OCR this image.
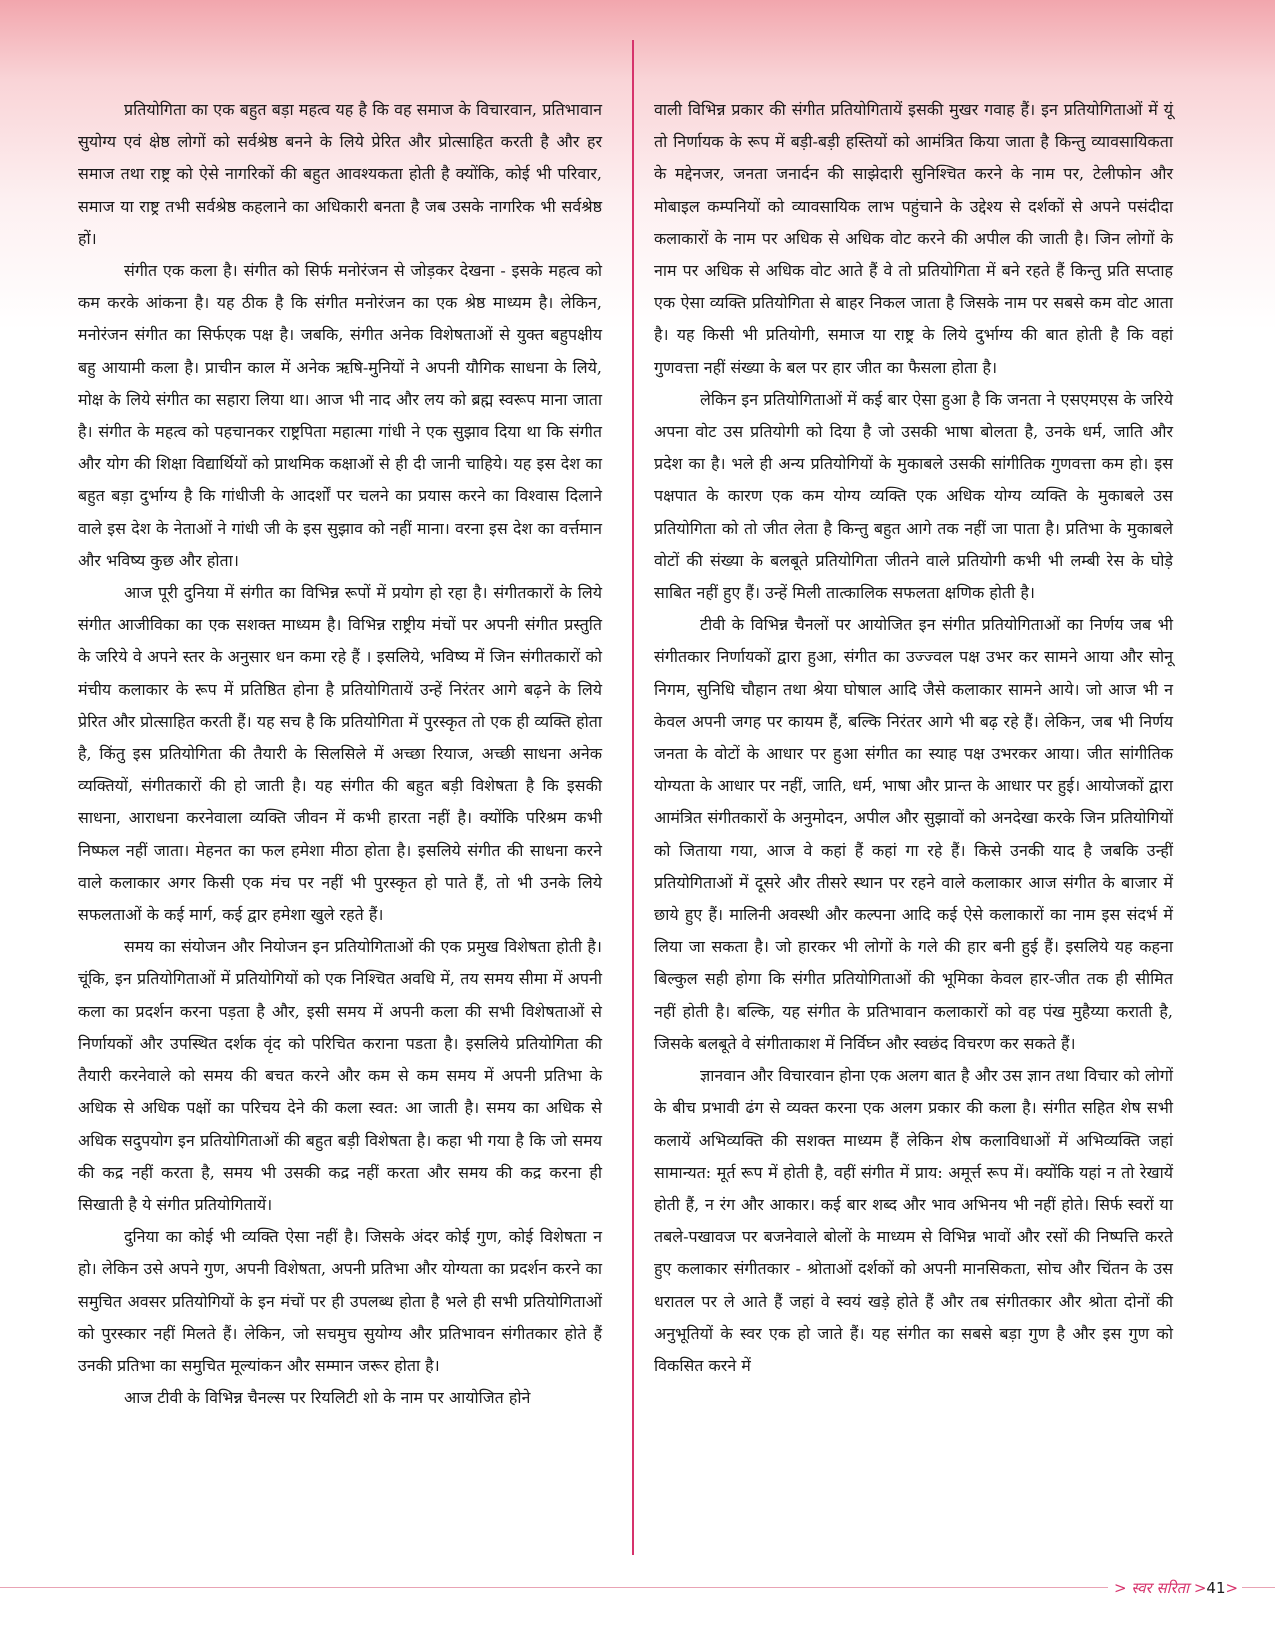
प्रतियोगिता का एक बहुत बड़ा महत्व यह है कि वह समाज के विचारवान, प्रतिभावान सुयोग्य एवं क्षेष्ठ लोगों को सर्वश्रेष्ठ बनने के लिये प्रेरित और प्रोत्साहित करती है और हर समाज तथा राष्ट्र को ऐसे नागरिकों की बहुत आवश्यकता होती है क्योंकि, कोई भी परिवार, समाज या राष्ट्र तभी सर्वश्रेष्ठ कहलाने का अधिकारी बनता है जब उसके नागरिक भी सर्वश्रेष्ठ हों।

संगीत एक कला है। संगीत को सिर्फ मनोरंजन से जोड़कर देखना - इसके महत्व को कम करके आंकना है। यह ठीक है कि संगीत मनोरंजन का एक श्रेष्ठ माध्यम है। लेकिन, मनोरंजन संगीत का सिर्फएक पक्ष है। जबकि, संगीत अनेक विशेषताओं से युक्त बहुपक्षीय बहु आयामी कला है। प्राचीन काल में अनेक ऋषि-मुनियों ने अपनी यौगिक साधना के लिये, मोक्ष के लिये संगीत का सहारा लिया था। आज भी नाद और लय को ब्रह्म स्वरूप माना जाता है। संगीत के महत्व को पहचानकर राष्ट्रपिता महात्मा गांधी ने एक सुझाव दिया था कि संगीत और योग की शिक्षा विद्यार्थियों को प्राथमिक कक्षाओं से ही दी जानी चाहिये। यह इस देश का बहुत बड़ा दुर्भाग्य है कि गांधीजी के आदर्शों पर चलने का प्रयास करने का विश्वास दिलाने वाले इस देश के नेताओं ने गांधी जी के इस सुझाव को नहीं माना। वरना इस देश का वर्त्तमान और भविष्य कुछ और होता।

आज पूरी दुनिया में संगीत का विभिन्न रूपों में प्रयोग हो रहा है। संगीतकारों के लिये संगीत आजीविका का एक सशक्त माध्यम है। विभिन्न राष्ट्रीय मंचों पर अपनी संगीत प्रस्तुति के जरिये वे अपने स्तर के अनुसार धन कमा रहे हैं । इसलिये, भविष्य में जिन संगीतकारों को मंचीय कलाकार के रूप में प्रतिष्ठित होना है प्रतियोगितायें उन्हें निरंतर आगे बढ़ने के लिये प्रेरित और प्रोत्साहित करती हैं। यह सच है कि प्रतियोगिता में पुरस्कृत तो एक ही व्यक्ति होता है, किंतु इस प्रतियोगिता की तैयारी के सिलसिले में अच्छा रियाज, अच्छी साधना अनेक व्यक्तियों, संगीतकारों की हो जाती है। यह संगीत की बहुत बड़ी विशेषता है कि इसकी साधना, आराधना करनेवाला व्यक्ति जीवन में कभी हारता नहीं है। क्योंकि परिश्रम कभी निष्फल नहीं जाता। मेहनत का फल हमेशा मीठा होता है। इसलिये संगीत की साधना करने वाले कलाकार अगर किसी एक मंच पर नहीं भी पुरस्कृत हो पाते हैं, तो भी उनके लिये सफलताओं के कई मार्ग, कई द्वार हमेशा खुले रहते हैं।

समय का संयोजन और नियोजन इन प्रतियोगिताओं की एक प्रमुख विशेषता होती है। चूंकि, इन प्रतियोगिताओं में प्रतियोगियों को एक निश्चित अवधि में, तय समय सीमा में अपनी कला का प्रदर्शन करना पड़ता है और, इसी समय में अपनी कला की सभी विशेषताओं से निर्णायकों और उपस्थित दर्शक वृंद को परिचित कराना पडता है। इसलिये प्रतियोगिता की तैयारी करनेवाले को समय की बचत करने और कम से कम समय में अपनी प्रतिभा के अधिक से अधिक पक्षों का परिचय देने की कला स्वत: आ जाती है। समय का अधिक से अधिक सदुपयोग इन प्रतियोगिताओं की बहुत बड़ी विशेषता है। कहा भी गया है कि जो समय की कद्र नहीं करता है, समय भी उसकी कद्र नहीं करता और समय की कद्र करना ही सिखाती है ये संगीत प्रतियोगितायें।

दुनिया का कोई भी व्यक्ति ऐसा नहीं है। जिसके अंदर कोई गुण, कोई विशेषता न हो। लेकिन उसे अपने गुण, अपनी विशेषता, अपनी प्रतिभा और योग्यता का प्रदर्शन करने का समुचित अवसर प्रतियोगियों के इन मंचों पर ही उपलब्ध होता है भले ही सभी प्रतियोगिताओं को पुरस्कार नहीं मिलते हैं। लेकिन, जो सचमुच सुयोग्य और प्रतिभावन संगीतकार होते हैं उनकी प्रतिभा का समुचित मूल्यांकन और सम्मान जरूर होता है।

आज टीवी के विभिन्न चैनल्स पर रियलिटी शो के नाम पर आयोजित होने

वाली विभिन्न प्रकार की संगीत प्रतियोगितायें इसकी मुखर गवाह हैं। इन प्रतियोगिताओं में यूं तो निर्णायक के रूप में बड़ी-बड़ी हस्तियों को आमंत्रित किया जाता है किन्तु व्यावसायिकता के मद्देनजर, जनता जनार्दन की साझेदारी सुनिश्चित करने के नाम पर, टेलीफोन और मोबाइल कम्पनियों को व्यावसायिक लाभ पहुंचाने के उद्देश्य से दर्शकों से अपने पसंदीदा कलाकारों के नाम पर अधिक से अधिक वोट करने की अपील की जाती है। जिन लोगों के नाम पर अधिक से अधिक वोट आते हैं वे तो प्रतियोगिता में बने रहते हैं किन्तु प्रति सप्ताह एक ऐसा व्यक्ति प्रतियोगिता से बाहर निकल जाता है जिसके नाम पर सबसे कम वोट आता है। यह किसी भी प्रतियोगी, समाज या राष्ट्र के लिये दुर्भाग्य की बात होती है कि वहां गुणवत्ता नहीं संख्या के बल पर हार जीत का फैसला होता है।

लेकिन इन प्रतियोगिताओं में कई बार ऐसा हुआ है कि जनता ने एसएमएस के जरिये अपना वोट उस प्रतियोगी को दिया है जो उसकी भाषा बोलता है, उनके धर्म, जाति और प्रदेश का है। भले ही अन्य प्रतियोगियों के मुकाबले उसकी सांगीतिक गुणवत्ता कम हो। इस पक्षपात के कारण एक कम योग्य व्यक्ति एक अधिक योग्य व्यक्ति के मुकाबले उस प्रतियोगिता को तो जीत लेता है किन्तु बहुत आगे तक नहीं जा पाता है। प्रतिभा के मुकाबले वोटों की संख्या के बलबूते प्रतियोगिता जीतने वाले प्रतियोगी कभी भी लम्बी रेस के घोड़े साबित नहीं हुए हैं। उन्हें मिली तात्कालिक सफलता क्षणिक होती है।

टीवी के विभिन्न चैनलों पर आयोजित इन संगीत प्रतियोगिताओं का निर्णय जब भी संगीतकार निर्णायकों द्वारा हुआ, संगीत का उज्ज्वल पक्ष उभर कर सामने आया और सोनू निगम, सुनिधि चौहान तथा श्रेया घोषाल आदि जैसे कलाकार सामने आये। जो आज भी न केवल अपनी जगह पर कायम हैं, बल्कि निरंतर आगे भी बढ़ रहे हैं। लेकिन, जब भी निर्णय जनता के वोटों के आधार पर हुआ संगीत का स्याह पक्ष उभरकर आया। जीत सांगीतिक योग्यता के आधार पर नहीं, जाति, धर्म, भाषा और प्रान्त के आधार पर हुई। आयोजकों द्वारा आमंत्रित संगीतकारों के अनुमोदन, अपील और सुझावों को अनदेखा करके जिन प्रतियोगियों को जिताया गया, आज वे कहां हैं कहां गा रहे हैं। किसे उनकी याद है जबकि उन्हीं प्रतियोगिताओं में दूसरे और तीसरे स्थान पर रहने वाले कलाकार आज संगीत के बाजार में छाये हुए हैं। मालिनी अवस्थी और कल्पना आदि कई ऐसे कलाकारों का नाम इस संदर्भ में लिया जा सकता है। जो हारकर भी लोगों के गले की हार बनी हुई हैं। इसलिये यह कहना बिल्कुल सही होगा कि संगीत प्रतियोगिताओं की भूमिका केवल हार-जीत तक ही सीमित नहीं होती है। बल्कि, यह संगीत के प्रतिभावान कलाकारों को वह पंख मुहैय्या कराती है, जिसके बलबूते वे संगीताकाश में निर्विघ्न और स्वछंद विचरण कर सकते हैं।

ज्ञानवान और विचारवान होना एक अलग बात है और उस ज्ञान तथा विचार को लोगों के बीच प्रभावी ढंग से व्यक्त करना एक अलग प्रकार की कला है। संगीत सहित शेष सभी कलायें अभिव्यक्ति की सशक्त माध्यम हैं लेकिन शेष कलाविधाओं में अभिव्यक्ति जहां सामान्यत: मूर्त रूप में होती है, वहीं संगीत में प्राय: अमूर्त्त रूप में। क्योंकि यहां न तो रेखायें होती हैं, न रंग और आकार। कई बार शब्द और भाव अभिनय भी नहीं होते। सिर्फ स्वरों या तबले-पखावज पर बजनेवाले बोलों के माध्यम से विभिन्न भावों और रसों की निष्पत्ति करते हुए कलाकार संगीतकार - श्रोताओं दर्शकों को अपनी मानसिकता, सोच और चिंतन के उस धरातल पर ले आते हैं जहां वे स्वयं खड़े होते हैं और तब संगीतकार और श्रोता दोनों की अनुभूतियों के स्वर एक हो जाते हैं। यह संगीत का सबसे बड़ा गुण है और इस गुण को विकसित करने में

> स्वर सरिता >41>
